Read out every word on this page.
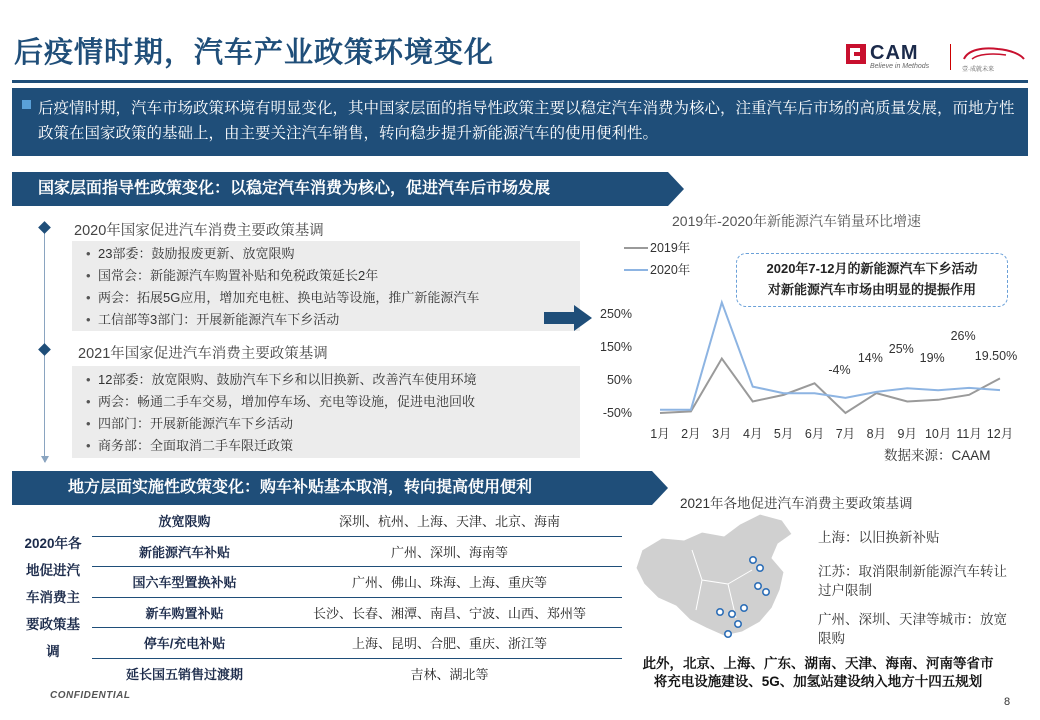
后疫情时期，汽车产业政策环境变化	CAM
Believe in Methods	壹·成就未来
后疫情时期，汽车市场政策环境有明显变化，其中国家层面的指导性政策主要以稳定汽车消费为核心，注重汽车后市场的高质量发展，而地方性政策在国家政策的基础上，由主要关注汽车销售，转向稳步提升新能源汽车的使用便利性。
国家层面指导性政策变化：以稳定汽车消费为核心，促进汽车后市场发展
2020年国家促进汽车消费主要政策基调
• 23部委：鼓励报废更新、放宽限购
• 国常会：新能源汽车购置补贴和免税政策延长2年
• 两会：拓展5G应用，增加充电桩、换电站等设施，推广新能源汽车
• 工信部等3部门：开展新能源汽车下乡活动
2021年国家促进汽车消费主要政策基调
• 12部委：放宽限购、鼓励汽车下乡和以旧换新、改善汽车使用环境
• 两会：畅通二手车交易，增加停车场、充电等设施，促进电池回收
• 四部门：开展新能源汽车下乡活动
• 商务部：全面取消二手车限迁政策
2019年-2020年新能源汽车销量环比增速
250%
150%
50%
-50%
1月 2月 3月 4月 5月 6月 7月 8月 9月 10月 11月 12月
2019年
2020年
-4%
14%
25%
19%
26%
19.50%
2020年7-12月的新能源汽车下乡活动
对新能源汽车市场由明显的提振作用
数据来源：CAAM
地方层面实施性政策变化：购车补贴基本取消，转向提高使用便利
2020年各
地促进汽
车消费主
要政策基
调	放宽限购	深圳、杭州、上海、天津、北京、海南
	新能源汽车补贴	广州、深圳、海南等
	国六车型置换补贴	广州、佛山、珠海、上海、重庆等
	新车购置补贴	长沙、长春、湘潭、南昌、宁波、山西、郑州等
	停车/充电补贴	上海、昆明、合肥、重庆、浙江等
	延长国五销售过渡期	吉林、湖北等
2021年各地促进汽车消费主要政策基调
上海：以旧换新补贴
江苏：取消限制新能源汽车转让过户限制
广州、深圳、天津等城市：放宽限购
此外，北京、上海、广东、湖南、天津、海南、河南等省市
将充电设施建设、5G、加氢站建设纳入地方十四五规划
CONFIDENTIAL
8
